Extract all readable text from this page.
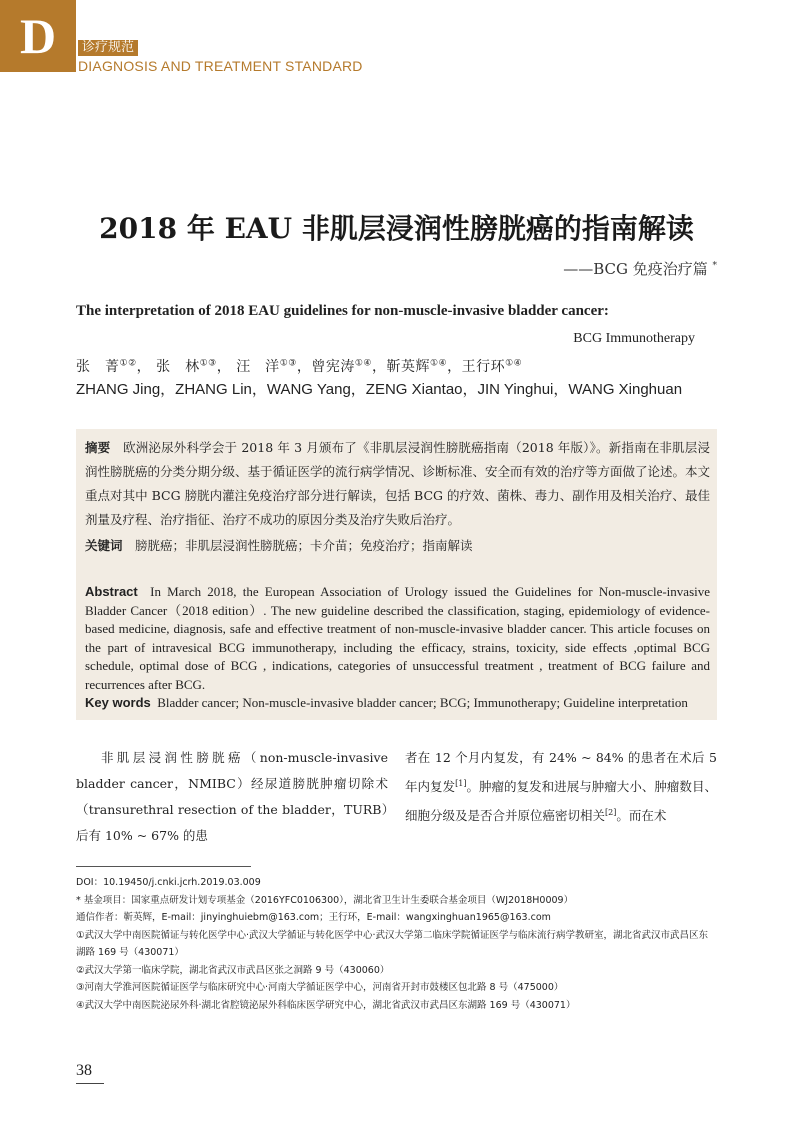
D	诊疗规范
DIAGNOSIS AND TREATMENT STANDARD
2018 年 EAU 非肌层浸润性膀胱癌的指南解读
——BCG 免疫治疗篇 *
The interpretation of 2018 EAU guidelines for non-muscle-invasive bladder cancer:
BCG Immunotherapy
张　菁①②， 张　林①③， 汪　洋①③，曾宪涛①④，靳英辉①④，王行环①④
ZHANG Jing，ZHANG Lin，WANG Yang，ZENG Xiantao，JIN Yinghui，WANG Xinghuan
摘要　 欧洲泌尿外科学会于 2018 年 3 月颁布了《非肌层浸润性膀胱癌指南（2018 年版）》。新指南在非肌层浸润性膀胱癌的分类分期分级、基于循证医学的流行病学情况、诊断标准、安全而有效的治疗等方面做了论述。本文重点对其中 BCG 膀胱内灌注免疫治疗部分进行解读，包括 BCG 的疗效、菌株、毒力、副作用及相关治疗、最佳剂量及疗程、治疗指征、治疗不成功的原因分类及治疗失败后治疗。
关键词　 膀胱癌；非肌层浸润性膀胱癌；卡介苗；免疫治疗；指南解读
Abstract In March 2018, the European Association of Urology issued the Guidelines for Non-muscle-invasive Bladder Cancer（2018 edition）. The new guideline described the classification, staging, epidemiology of evidence-based medicine, diagnosis, safe and effective treatment of non-muscle-invasive bladder cancer. This article focuses on the part of intravesical BCG immunotherapy, including the efficacy, strains, toxicity, side effects ,optimal BCG schedule, optimal dose of BCG , indications, categories of unsuccessful treatment , treatment of BCG failure and recurrences after BCG.
Key words Bladder cancer; Non-muscle-invasive bladder cancer; BCG; Immunotherapy; Guideline interpretation
非肌层浸润性膀胱癌（non-muscle-invasive bladder cancer，NMIBC）经尿道膀胱肿瘤切除术（transurethral resection of the bladder，TURB）后有 10% ~ 67% 的患
者在 12 个月内复发，有 24% ~ 84% 的患者在术后 5 年内复发[1]。肿瘤的复发和进展与肿瘤大小、肿瘤数目、细胞分级及是否合并原位癌密切相关[2]。而在术
DOI：10.19450/j.cnki.jcrh.2019.03.009
* 基金项目：国家重点研发计划专项基金（2016YFC0106300），湖北省卫生计生委联合基金项目（WJ2018H0009）
通信作者：靳英辉，E-mail：jinyinghuiebm@163.com；王行环，E-mail：wangxinghuan1965@163.com
①武汉大学中南医院循证与转化医学中心·武汉大学循证与转化医学中心·武汉大学第二临床学院循证医学与临床流行病学教研室，湖北省武汉市武昌区东湖路 169 号（430071）
②武汉大学第一临床学院，湖北省武汉市武昌区张之洞路 9 号（430060）
③河南大学淮河医院循证医学与临床研究中心·河南大学循证医学中心，河南省开封市鼓楼区包北路 8 号（475000）
④武汉大学中南医院泌尿外科·湖北省腔镜泌尿外科临床医学研究中心，湖北省武汉市武昌区东湖路 169 号（430071）
38
